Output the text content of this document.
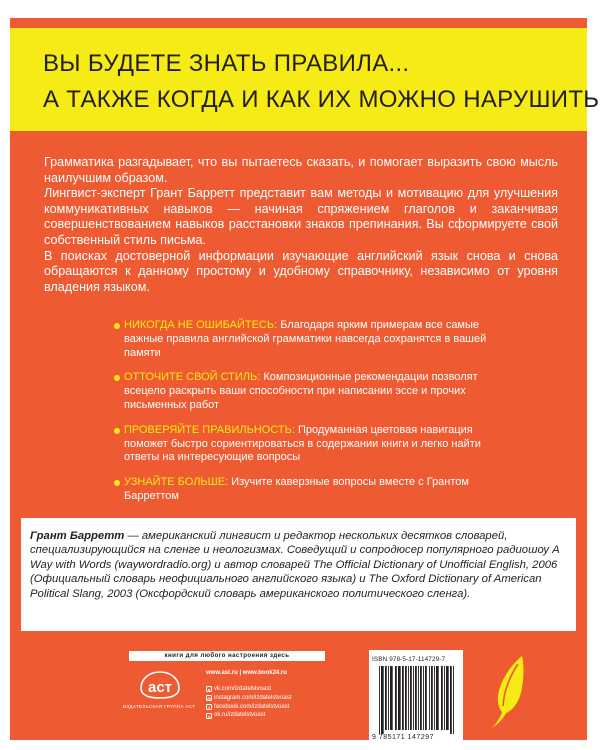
ВЫ БУДЕТЕ ЗНАТЬ ПРАВИЛА...
А ТАКЖЕ КОГДА И КАК ИХ МОЖНО НАРУШИТЬ

Грамматика разгадывает, что вы пытаетесь сказать, и помогает выразить свою мысль наилучшим образом.

Лингвист-эксперт Грант Барретт представит вам методы и мотивацию для улучшения коммуникативных навыков — начиная спряжением глаголов и заканчивая совершенствованием навыков расстановки знаков препинания. Вы сформируете свой собственный стиль письма.

В поисках достоверной информации изучающие английский язык снова и снова обращаются к данному простому и удобному справочнику, независимо от уровня владения языком.

НИКОГДА НЕ ОШИБАЙТЕСЬ: Благодаря ярким примерам все самые важные правила английской грамматики навсегда сохранятся в вашей памяти
ОТТОЧИТЕ СВОЙ СТИЛЬ: Композиционные рекомендации позволят всецело раскрыть ваши способности при написании эссе и прочих письменных работ
ПРОВЕРЯЙТЕ ПРАВИЛЬНОСТЬ: Продуманная цветовая навигация поможет быстро сориентироваться в содержании книги и легко найти ответы на интересующие вопросы
УЗНАЙТЕ БОЛЬШЕ: Изучите каверзные вопросы вместе с Грантом Барреттом
Грант Барретт — американский лингвист и редактор нескольких десятков словарей, специализирующийся на сленге и неологизмах. Соведущий и сопродюсер популярного радиошоу A Way with Words (waywordradio.org) и автор словарей The Official Dictionary of Unofficial English, 2006 (Официальный словарь неофициального английского языка) и The Oxford Dictionary of American Political Slang, 2003 (Оксфордский словарь американского политического сленга).
книги для любого настроения здесь
аст
ИЗДАТЕЛЬСКАЯ ГРУППА АСТ
www.ast.ru | www.book24.ru
в vk.com/izdatelstvoast
◎ instagram.com/izdatelstvoast
f facebook.com/izdatelstvoast
о ok.ru/izdatelstvoast
ISBN 978-5-17-114729-7
9 785171 147297
